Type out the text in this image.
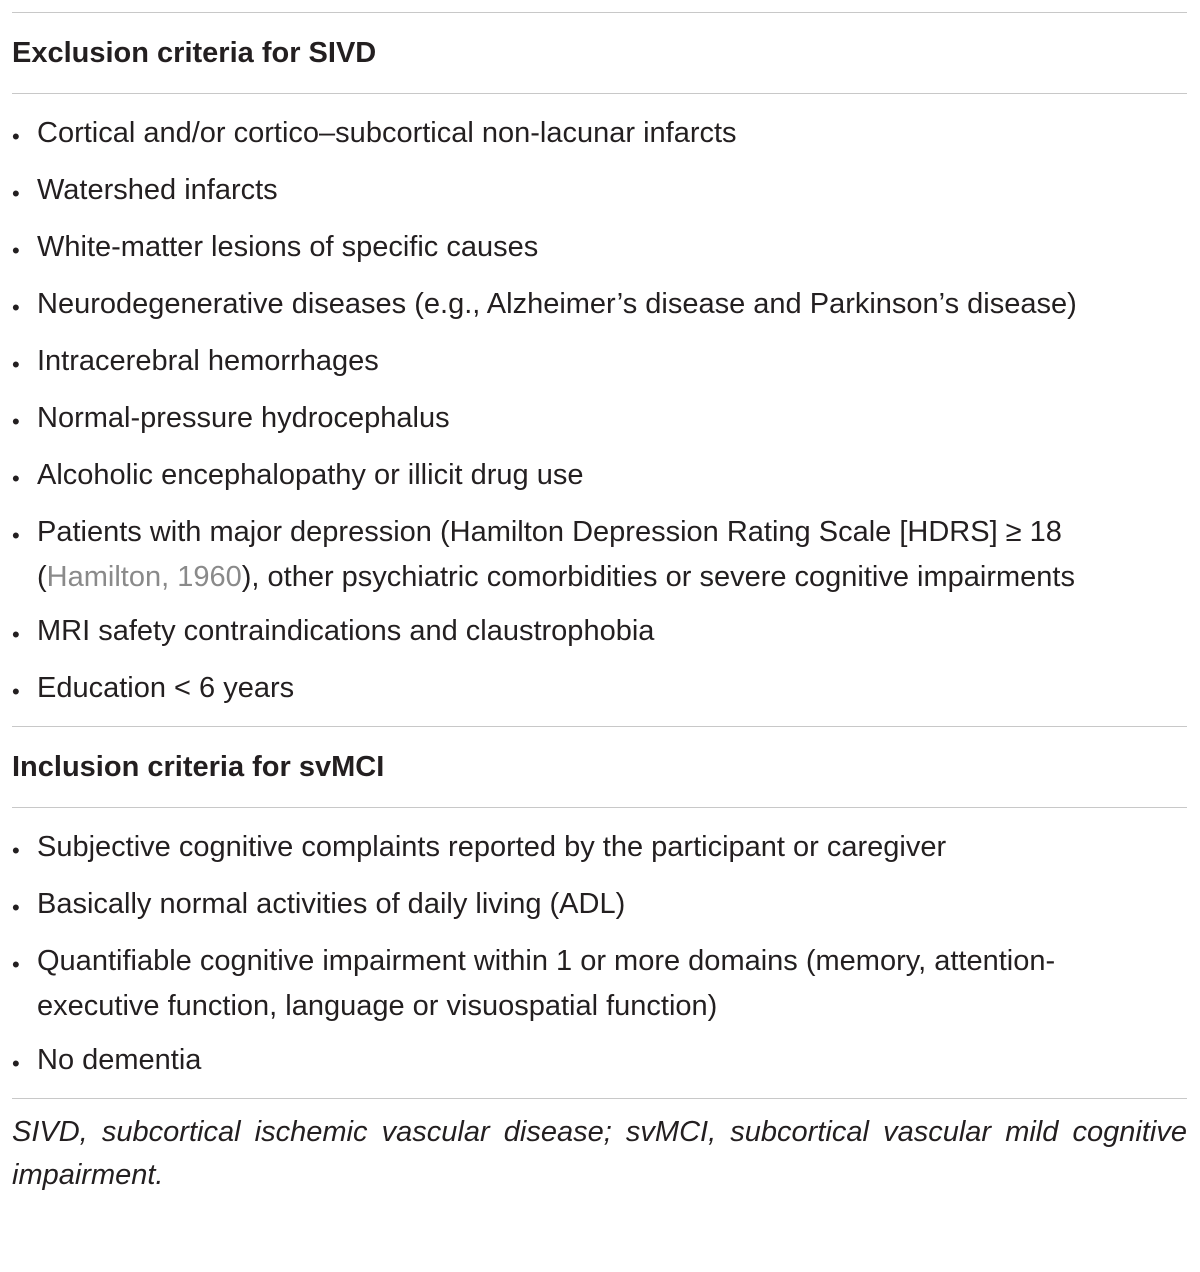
Exclusion criteria for SIVD
• Cortical and/or cortico–subcortical non-lacunar infarcts
• Watershed infarcts
• White-matter lesions of specific causes
• Neurodegenerative diseases (e.g., Alzheimer’s disease and Parkinson’s disease)
• Intracerebral hemorrhages
• Normal-pressure hydrocephalus
• Alcoholic encephalopathy or illicit drug use
• Patients with major depression (Hamilton Depression Rating Scale [HDRS] ≥ 18 (Hamilton, 1960), other psychiatric comorbidities or severe cognitive impairments
• MRI safety contraindications and claustrophobia
• Education < 6 years
Inclusion criteria for svMCI
• Subjective cognitive complaints reported by the participant or caregiver
• Basically normal activities of daily living (ADL)
• Quantifiable cognitive impairment within 1 or more domains (memory, attention-executive function, language or visuospatial function)
• No dementia
SIVD, subcortical ischemic vascular disease; svMCI, subcortical vascular mild cognitive impairment.
